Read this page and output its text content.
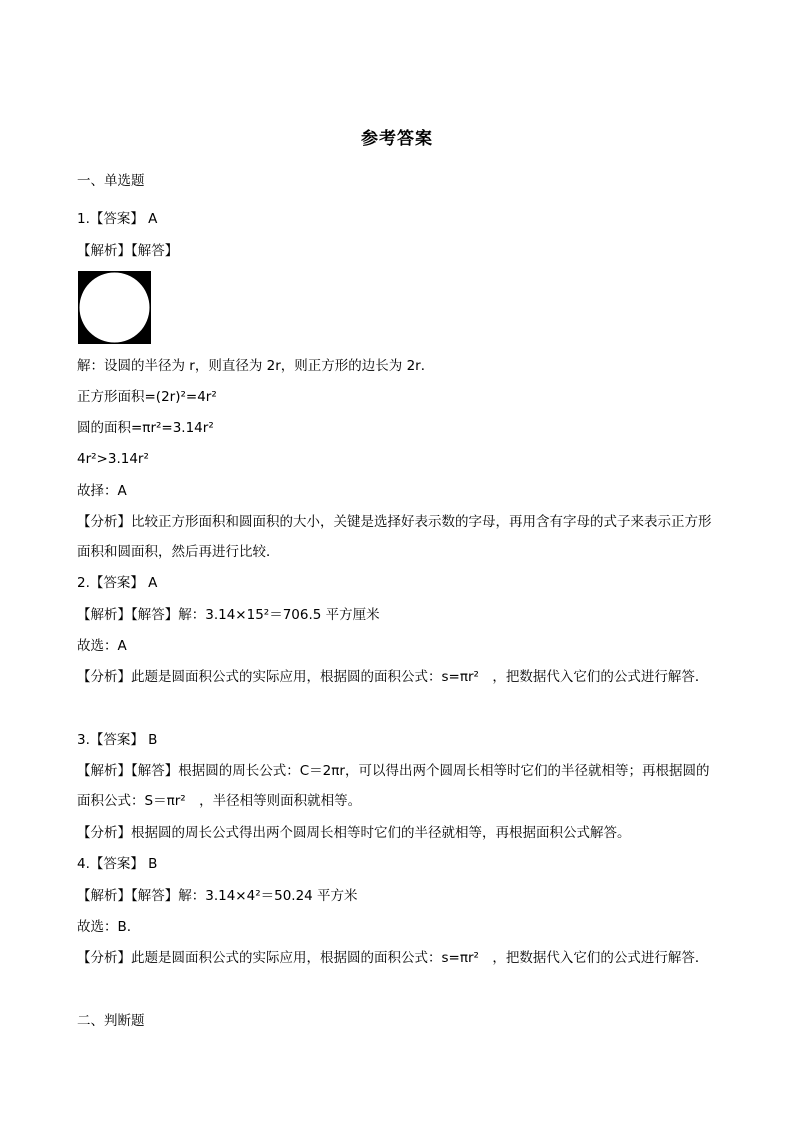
参考答案
一、单选题
1.【答案】 A
【解析】【解答】
解：设圆的半径为 r，则直径为 2r，则正方形的边长为 2r．
正方形面积=(2r)²=4r²
圆的面积=πr²=3.14r²
4r²>3.14r²
故择：A
【分析】比较正方形面积和圆面积的大小，关键是选择好表示数的字母，再用含有字母的式子来表示正方形面积和圆面积，然后再进行比较．
2.【答案】 A
【解析】【解答】解：3.14×15²＝706.5 平方厘米
故选：A
【分析】此题是圆面积公式的实际应用，根据圆的面积公式：s=πr²　，把数据代入它们的公式进行解答．
3.【答案】 B
【解析】【解答】根据圆的周长公式：C＝2πr，可以得出两个圆周长相等时它们的半径就相等；再根据圆的面积公式：S＝πr²　，半径相等则面积就相等。
【分析】根据圆的周长公式得出两个圆周长相等时它们的半径就相等，再根据面积公式解答。
4.【答案】 B
【解析】【解答】解：3.14×4²＝50.24 平方米
故选：B.
【分析】此题是圆面积公式的实际应用，根据圆的面积公式：s=πr²　，把数据代入它们的公式进行解答．
二、判断题
